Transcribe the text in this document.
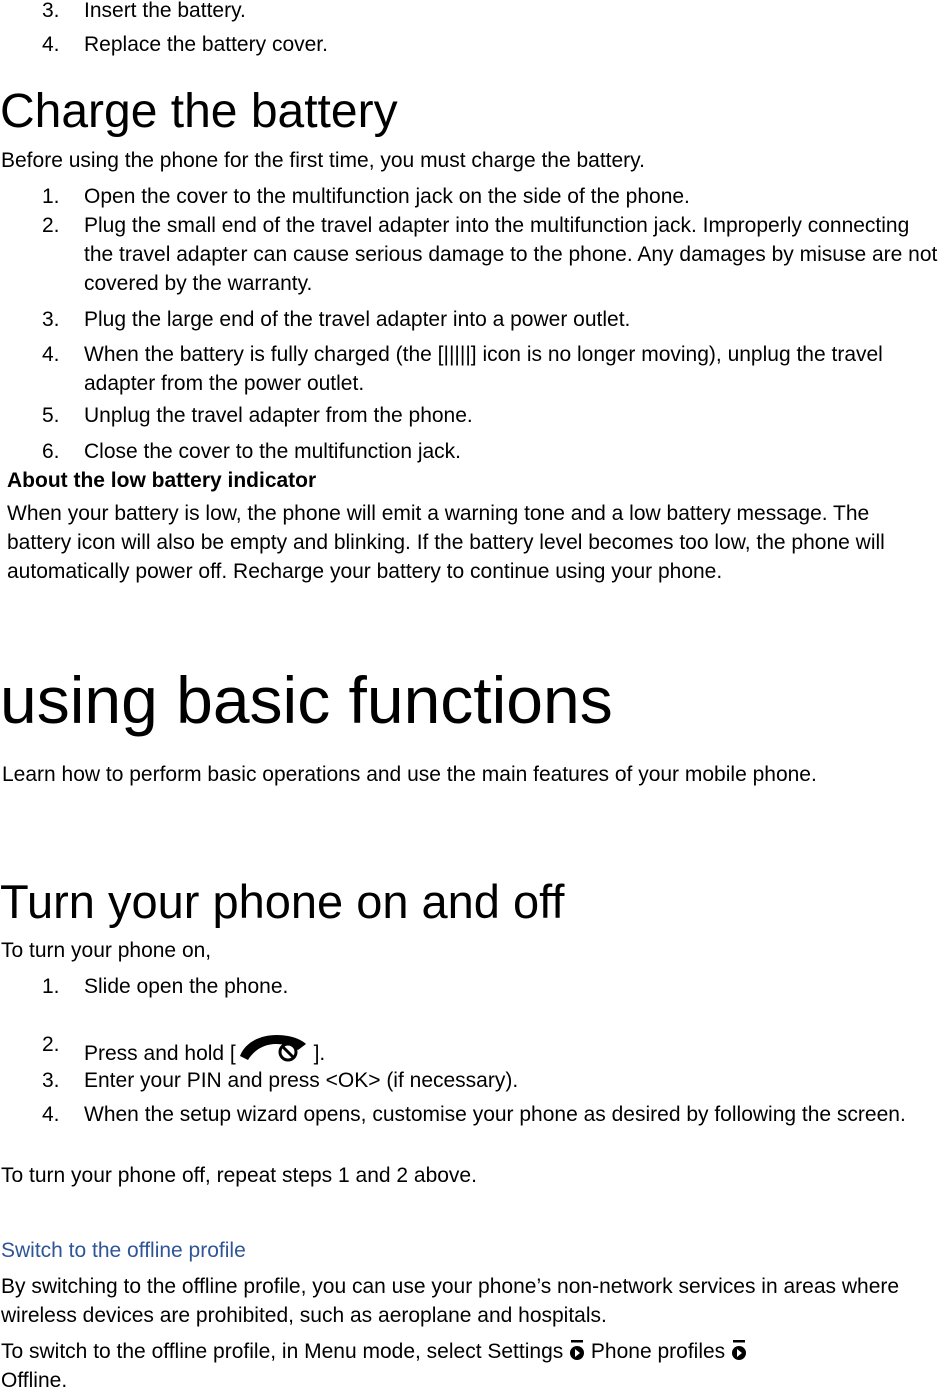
3. Insert the battery.
4. Replace the battery cover.
Charge the battery
Before using the phone for the first time, you must charge the battery.
1. Open the cover to the multifunction jack on the side of the phone.
2. Plug the small end of the travel adapter into the multifunction jack. Improperly connecting the travel adapter can cause serious damage to the phone. Any damages by misuse are not covered by the warranty.
3. Plug the large end of the travel adapter into a power outlet.
4. When the battery is fully charged (the [|||||] icon is no longer moving), unplug the travel adapter from the power outlet.
5. Unplug the travel adapter from the phone.
6. Close the cover to the multifunction jack.
About the low battery indicator
When your battery is low, the phone will emit a warning tone and a low battery message. The battery icon will also be empty and blinking. If the battery level becomes too low, the phone will automatically power off. Recharge your battery to continue using your phone.
using basic functions
Learn how to perform basic operations and use the main features of your mobile phone.
Turn your phone on and off
To turn your phone on,
1. Slide open the phone.
2. Press and hold [	].
3. Enter your PIN and press <OK> (if necessary).
4. When the setup wizard opens, customise your phone as desired by following the screen.
To turn your phone off, repeat steps 1 and 2 above.
Switch to the offline profile
By switching to the offline profile, you can use your phone’s non-network services in areas where wireless devices are prohibited, such as aeroplane and hospitals.
To switch to the offline profile, in Menu mode, select Settings  Phone profiles
Offline.
